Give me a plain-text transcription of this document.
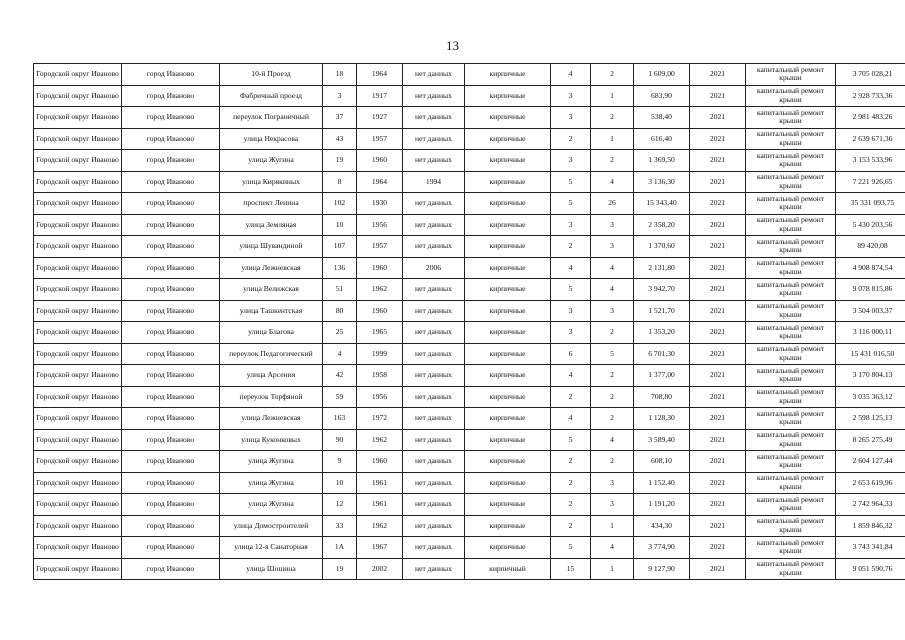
13
Городской округ Иваново	город Иваново	10-й Проезд	18	1964	нет данных	кирпичные	4	2	1 609,00	2021	капитальный ремонт крыши	3 705 028,21
Городской округ Иваново	город Иваново	Фабричный проезд	3	1917	нет данных	кирпичные	3	1	683,90	2021	капитальный ремонт крыши	2 928 733,36
Городской округ Иваново	город Иваново	переулок Пограничный	37	1927	нет данных	кирпичные	3	2	538,40	2021	капитальный ремонт крыши	2 981 483,26
Городской округ Иваново	город Иваново	улица Некрасова	43	1957	нет данных	кирпичные	2	1	616,40	2021	капитальный ремонт крыши	2 639 671,36
Городской округ Иваново	город Иваново	улица Жугина	19	1960	нет данных	кирпичные	3	2	1 369,50	2021	капитальный ремонт крыши	3 153 533,96
Городской округ Иваново	город Иваново	улица Кирякиных	8	1964	1994	кирпичные	5	4	3 136,30	2021	капитальный ремонт крыши	7 221 926,65
Городской округ Иваново	город Иваново	проспект Ленина	102	1930	нет данных	кирпичные	5	26	15 343,40	2021	капитальный ремонт крыши	35 331 093,75
Городской округ Иваново	город Иваново	улица Земляная	10	1956	нет данных	кирпичные	3	3	2 358,20	2021	капитальный ремонт крыши	5 430 203,56
Городской округ Иваново	город Иваново	улица Шувандиной	107	1957	нет данных	кирпичные	2	3	1 370,60	2021	капитальный ремонт крыши	89 420,08
Городской округ Иваново	город Иваново	улица Лежневская	136	1960	2006	кирпичные	4	4	2 131,80	2021	капитальный ремонт крыши	4 908 874,54
Городской округ Иваново	город Иваново	улица Велижская	51	1962	нет данных	кирпичные	5	4	3 942,70	2021	капитальный ремонт крыши	9 078 815,86
Городской округ Иваново	город Иваново	улица Ташкентская	80	1960	нет данных	кирпичные	3	3	1 521,70	2021	капитальный ремонт крыши	3 504 003,37
Городской округ Иваново	город Иваново	улица Благова	25	1965	нет данных	кирпичные	3	2	1 353,20	2021	капитальный ремонт крыши	3 116 000,11
Городской округ Иваново	город Иваново	переулок Педагогический	4	1999	нет данных	кирпичные	6	5	6 701,30	2021	капитальный ремонт крыши	15 431 016,50
Городской округ Иваново	город Иваново	улица Арсения	42	1958	нет данных	кирпичные	4	2	1 377,00	2021	капитальный ремонт крыши	3 170 804,13
Городской округ Иваново	город Иваново	переулок Торфяной	59	1956	нет данных	кирпичные	2	2	708,80	2021	капитальный ремонт крыши	3 035 363,12
Городской округ Иваново	город Иваново	улица Лежневская	163	1972	нет данных	кирпичные	4	2	1 128,30	2021	капитальный ремонт крыши	2 598 125,13
Городской округ Иваново	город Иваново	улица Куконковых	90	1962	нет данных	кирпичные	5	4	3 589,40	2021	капитальный ремонт крыши	8 265 275,49
Городской округ Иваново	город Иваново	улица Жугина	9	1960	нет данных	кирпичные	2	2	608,10	2021	капитальный ремонт крыши	2 604 127,44
Городской округ Иваново	город Иваново	улица Жугина	10	1961	нет данных	кирпичные	2	3	1 152,40	2021	капитальный ремонт крыши	2 653 619,96
Городской округ Иваново	город Иваново	улица Жугина	12	1961	нет данных	кирпичные	2	3	1 191,20	2021	капитальный ремонт крыши	2 742 964,33
Городской округ Иваново	город Иваново	улица Домостроителей	33	1962	нет данных	кирпичные	2	1	434,30	2021	капитальный ремонт крыши	1 859 846,32
Городской округ Иваново	город Иваново	улица 12-я Санаторная	1А	1967	нет данных	кирпичные	5	4	3 774,90	2021	капитальный ремонт крыши	3 743 341,84
Городской округ Иваново	город Иваново	улица Шошина	19	2002	нет данных	кирпичный	15	1	9 127,90	2021	капитальный ремонт крыши	9 051 590,76
